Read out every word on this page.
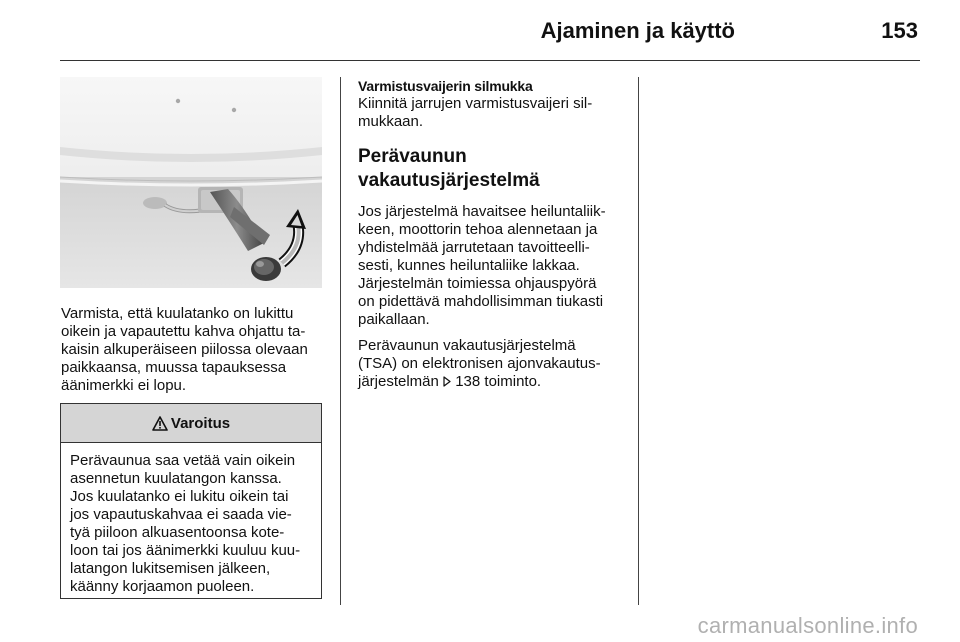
Ajaminen ja käyttö	153
Varmista, että kuulatanko on lukittu oikein ja vapautettu kahva ohjattu ta-kaisin alkuperäiseen piilossa olevaan paikkaansa, muussa tapauksessa äänimerkki ei lopu.
Varoitus
Perävaunua saa vetää vain oikein
asennetun kuulatangon kanssa.
Jos kuulatanko ei lukitu oikein tai
jos vapautuskahvaa ei saada vie-
tyä piiloon alkuasentoonsa kote-
loon tai jos äänimerkki kuuluu kuu-
latangon lukitsemisen jälkeen,
käänny korjaamon puoleen.
Varmistusvaijerin silmukka
Kiinnitä jarrujen varmistusvaijeri sil-
mukkaan.
Perävaunun
vakautusjärjestelmä
Jos järjestelmä havaitsee heiluntaliik-
keen, moottorin tehoa alennetaan ja
yhdistelmää jarrutetaan tavoitteelli-
sesti, kunnes heiluntaliike lakkaa.
Järjestelmän toimiessa ohjauspyörä
on pidettävä mahdollisimman tiukasti
paikallaan.
Perävaunun vakautusjärjestelmä
(TSA) on elektronisen ajonvakautus-
järjestelmän 138 toiminto.
carmanualsonline.info
